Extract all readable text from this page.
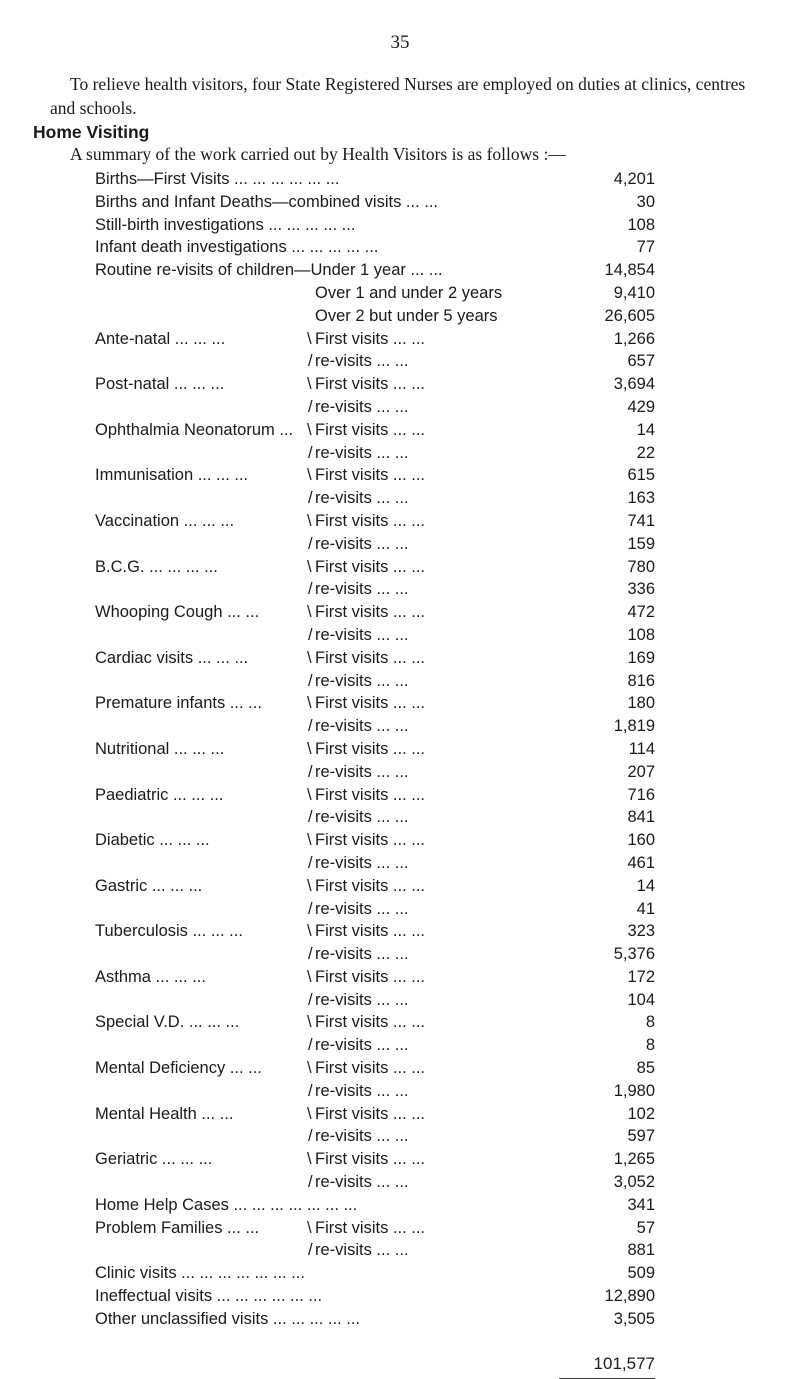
35
To relieve health visitors, four State Registered Nurses are employed on duties at clinics, centres and schools.
Home Visiting
A summary of the work carried out by Health Visitors is as follows :—
Births—First Visits ... ... ... ... ... ...	4,201
Births and Infant Deaths—combined visits ... ...	30
Still-birth investigations ... ... ... ... ...	108
Infant death investigations ... ... ... ... ...	77
Routine re-visits of children—Under 1 year ... ...	14,854
Over 1 and under 2 years	9,410
Over 2 but under 5 years	26,605
Ante-natal ... ... ...	\ First visits ... ...	1,266
/ re-visits ... ...	657
Post-natal ... ... ...	\ First visits ... ...	3,694
/ re-visits ... ...	429
Ophthalmia Neonatorum ... \ First visits ... ...	14
/ re-visits ... ...	22
Immunisation ... ... ...	\ First visits ... ...	615
/ re-visits ... ...	163
Vaccination ... ... ...	\ First visits ... ...	741
/ re-visits ... ...	159
B.C.G. ... ... ... ...	\ First visits ... ...	780
/ re-visits ... ...	336
Whooping Cough ... ...	\ First visits ... ...	472
/ re-visits ... ...	108
Cardiac visits ... ... ...	\ First visits ... ...	169
/ re-visits ... ...	816
Premature infants ... ...	\ First visits ... ...	180
/ re-visits ... ...	1,819
Nutritional ... ... ...	\ First visits ... ...	114
/ re-visits ... ...	207
Paediatric ... ... ...	\ First visits ... ...	716
/ re-visits ... ...	841
Diabetic ... ... ...	\ First visits ... ...	160
/ re-visits ... ...	461
Gastric ... ... ...	\ First visits ... ...	14
/ re-visits ... ...	41
Tuberculosis ... ... ...	\ First visits ... ...	323
/ re-visits ... ...	5,376
Asthma ... ... ...	\ First visits ... ...	172
/ re-visits ... ...	104
Special V.D. ... ... ...	\ First visits ... ...	8
/ re-visits ... ...	8
Mental Deficiency ... ...	\ First visits ... ...	85
/ re-visits ... ...	1,980
Mental Health ... ...	\ First visits ... ...	102
/ re-visits ... ...	597
Geriatric ... ... ...	\ First visits ... ...	1,265
/ re-visits ... ...	3,052
Home Help Cases ... ... ... ... ... ... ...	341
Problem Families ... ...	\ First visits ... ...	57
/ re-visits ... ...	881
Clinic visits ... ... ... ... ... ... ...	509
Ineffectual visits ... ... ... ... ... ...	12,890
Other unclassified visits ... ... ... ... ...	3,505
101,577
